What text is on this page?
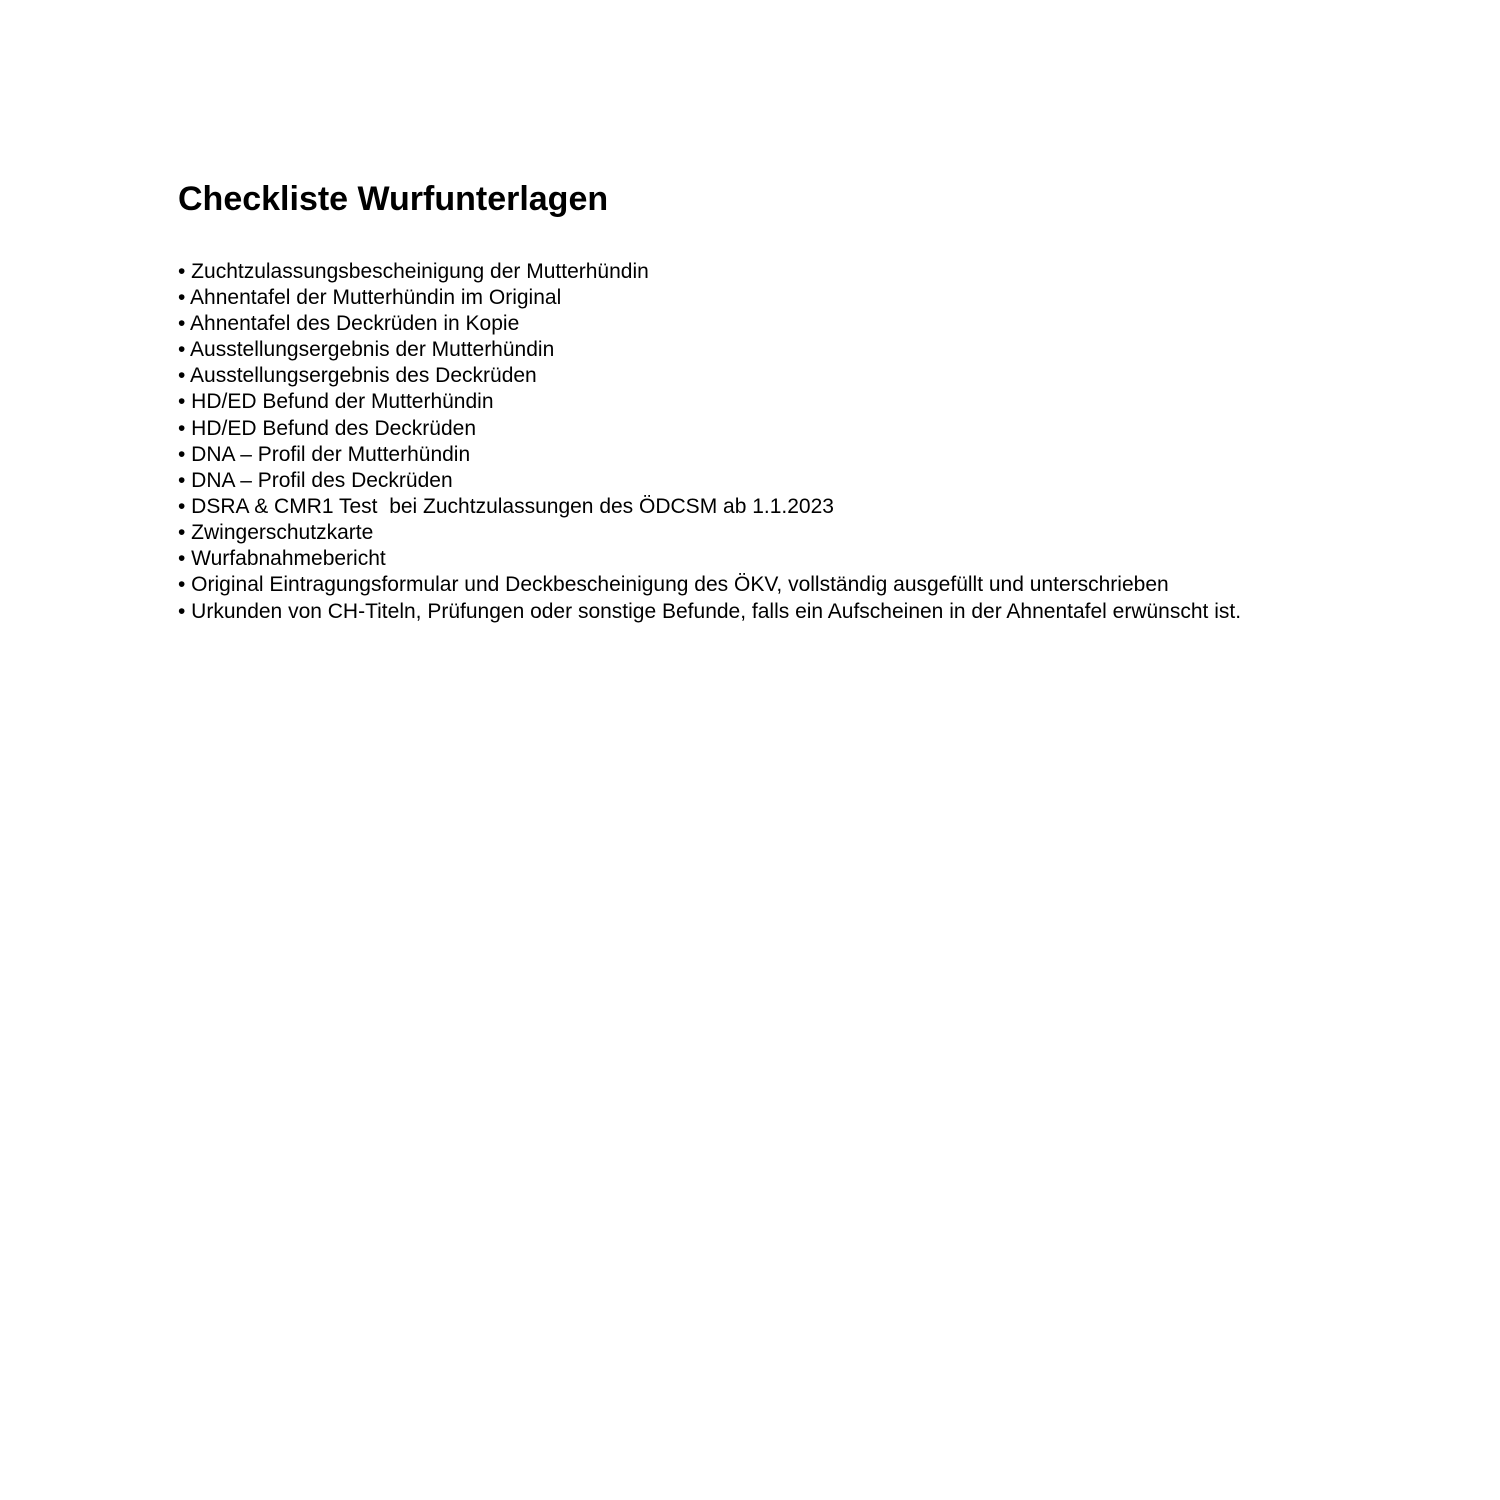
Checkliste Wurfunterlagen
• Zuchtzulassungsbescheinigung der Mutterhündin
• Ahnentafel der Mutterhündin im Original
• Ahnentafel des Deckrüden in Kopie
• Ausstellungsergebnis der Mutterhündin
• Ausstellungsergebnis des Deckrüden
• HD/ED Befund der Mutterhündin
• HD/ED Befund des Deckrüden
• DNA – Profil der Mutterhündin
• DNA – Profil des Deckrüden
• DSRA & CMR1 Test  bei Zuchtzulassungen des ÖDCSM ab 1.1.2023
• Zwingerschutzkarte
• Wurfabnahmebericht
• Original Eintragungsformular und Deckbescheinigung des ÖKV, vollständig ausgefüllt und unterschrieben
• Urkunden von CH-Titeln, Prüfungen oder sonstige Befunde, falls ein Aufscheinen in der Ahnentafel erwünscht ist.
